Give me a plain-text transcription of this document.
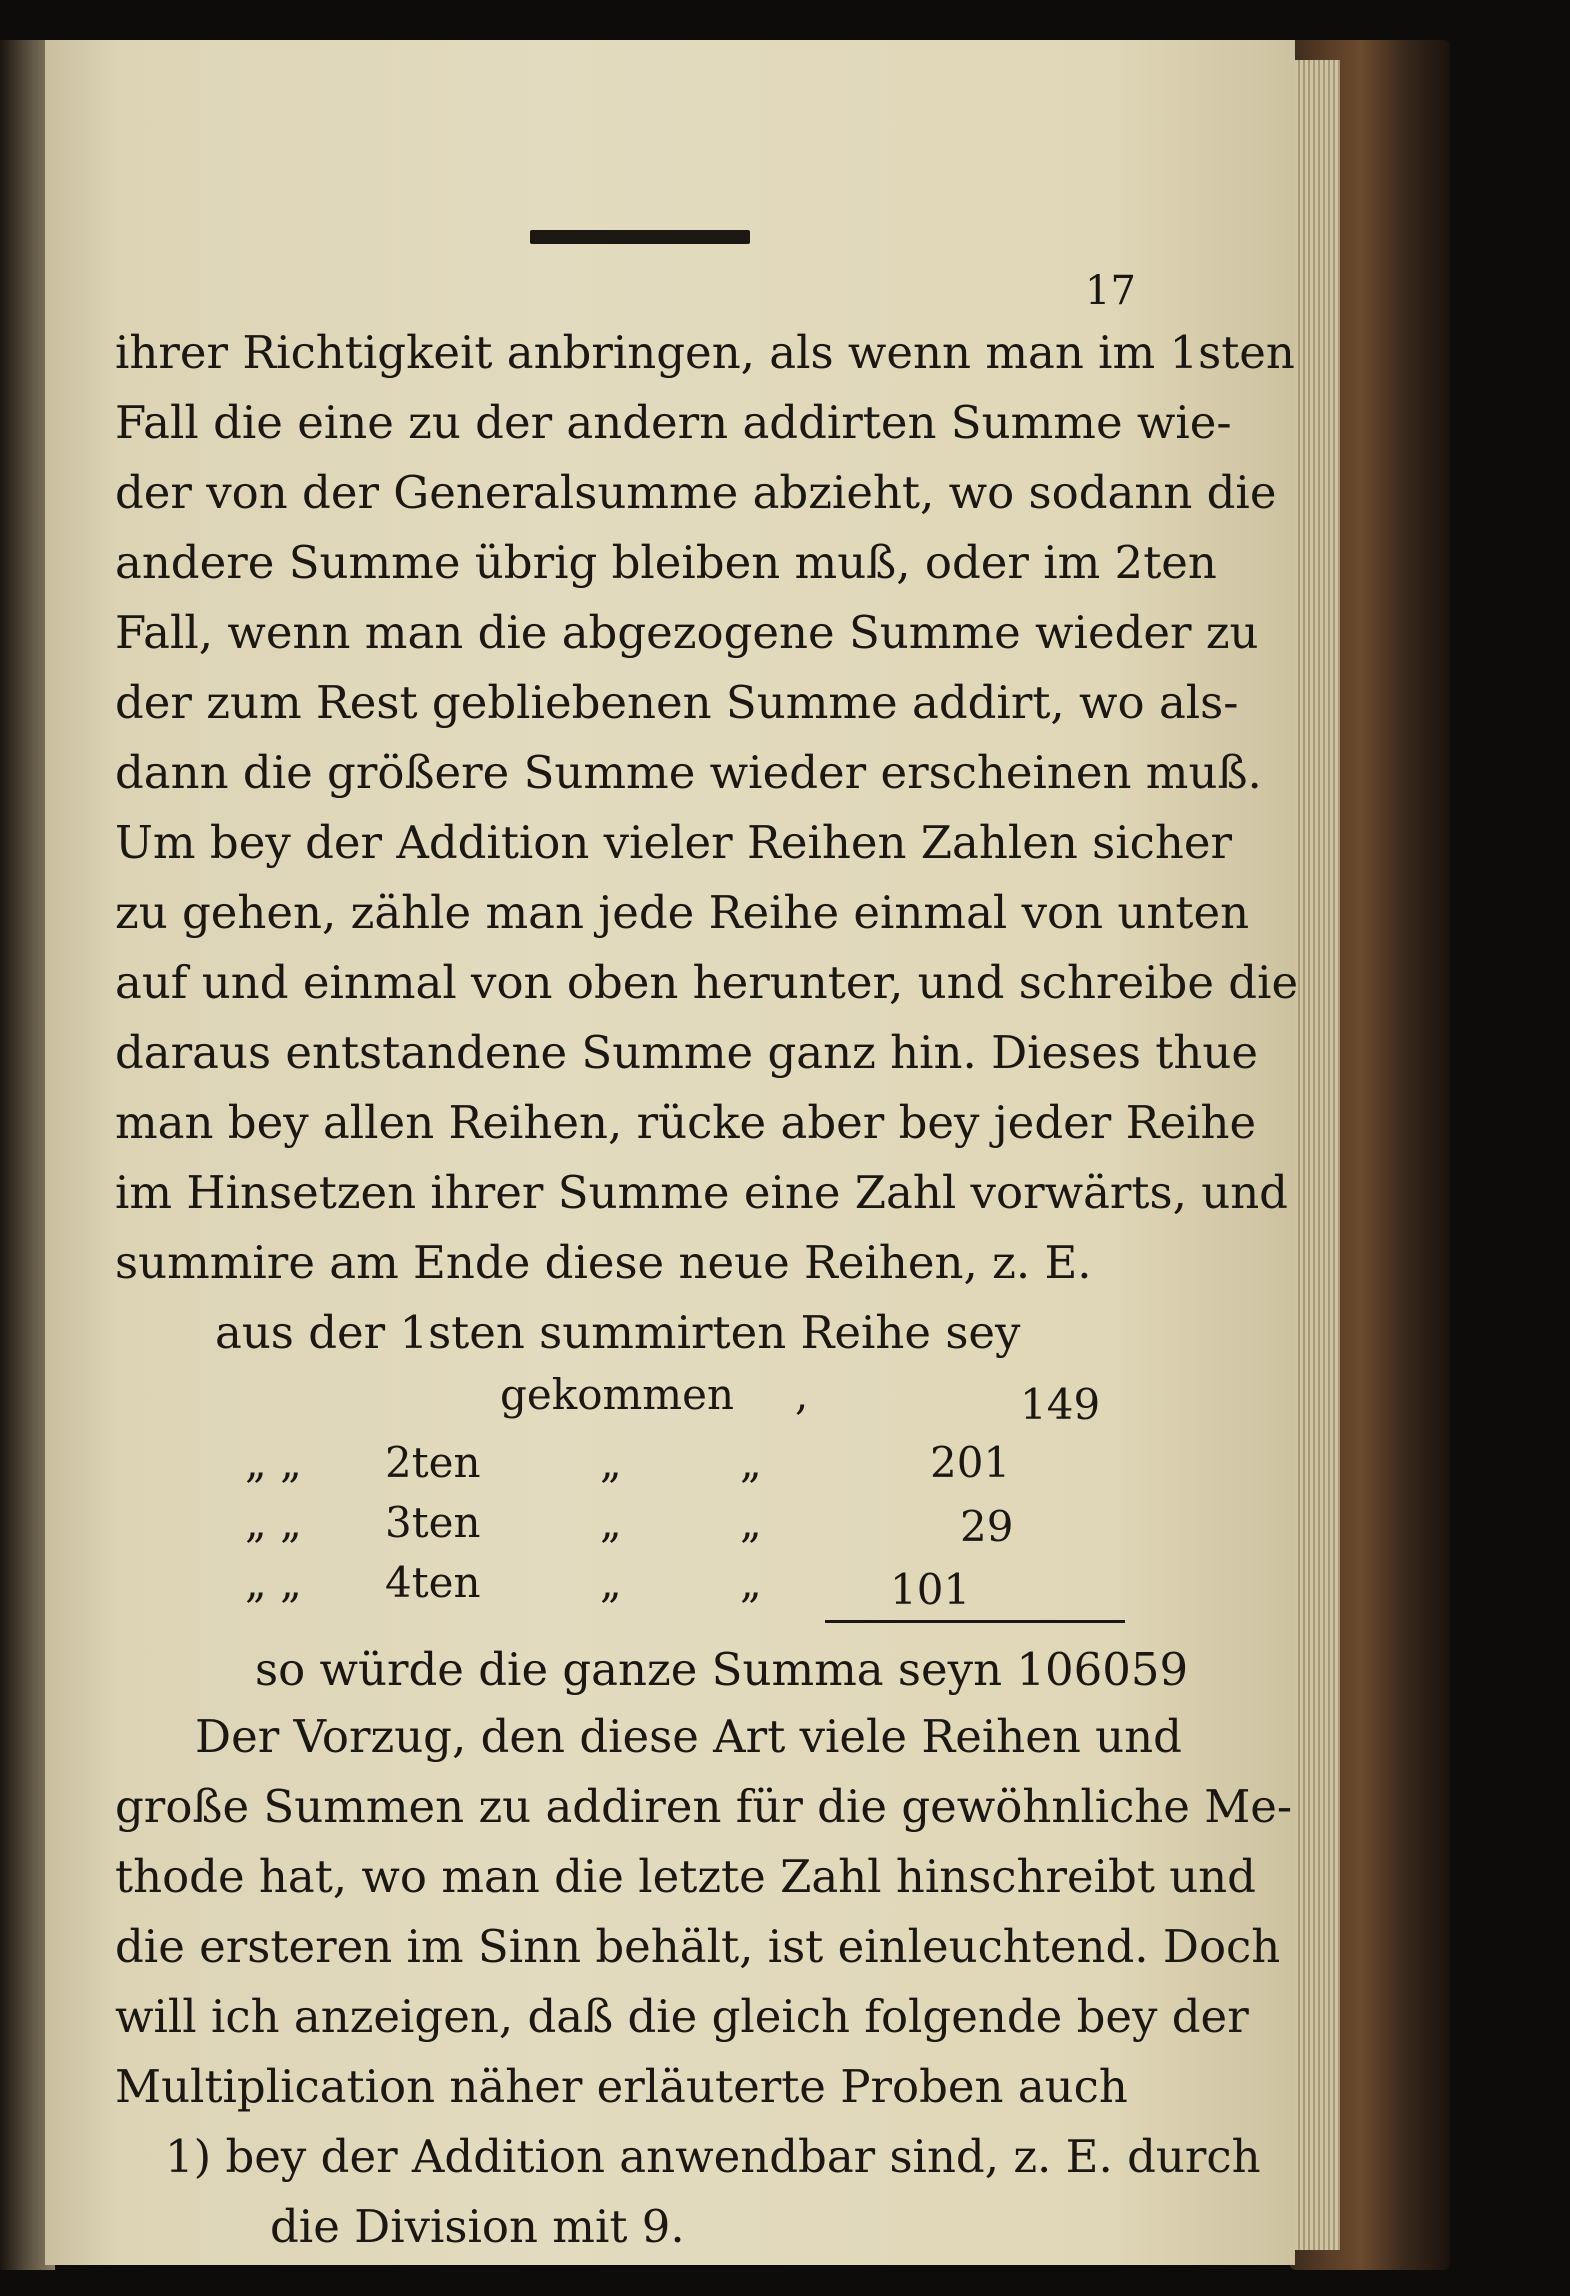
17
ihrer Richtigkeit anbringen, als wenn man im 1sten
Fall die eine zu der andern addirten Summe wie-
der von der Generalsumme abzieht, wo sodann die
andere Summe übrig bleiben muß, oder im 2ten
Fall, wenn man die abgezogene Summe wieder zu
der zum Rest gebliebenen Summe addirt, wo als-
dann die größere Summe wieder erscheinen muß.
Um bey der Addition vieler Reihen Zahlen sicher
zu gehen, zähle man jede Reihe einmal von unten
auf und einmal von oben herunter, und schreibe die
daraus entstandene Summe ganz hin. Dieses thue
man bey allen Reihen, rücke aber bey jeder Reihe
im Hinsetzen ihrer Summe eine Zahl vorwärts, und
summire am Ende diese neue Reihen, z. E.
aus der 1sten summirten Reihe sey
gekommen ,	149
„ „ 2ten	„	„	201
„ „ 3ten	„	„	29
„ „ 4ten	„	„	101
so würde die ganze Summa seyn 106059
Der Vorzug, den diese Art viele Reihen und
große Summen zu addiren für die gewöhnliche Me-
thode hat, wo man die letzte Zahl hinschreibt und
die ersteren im Sinn behält, ist einleuchtend. Doch
will ich anzeigen, daß die gleich folgende bey der
Multiplication näher erläuterte Proben auch
1) bey der Addition anwendbar sind, z. E. durch
die Division mit 9.
